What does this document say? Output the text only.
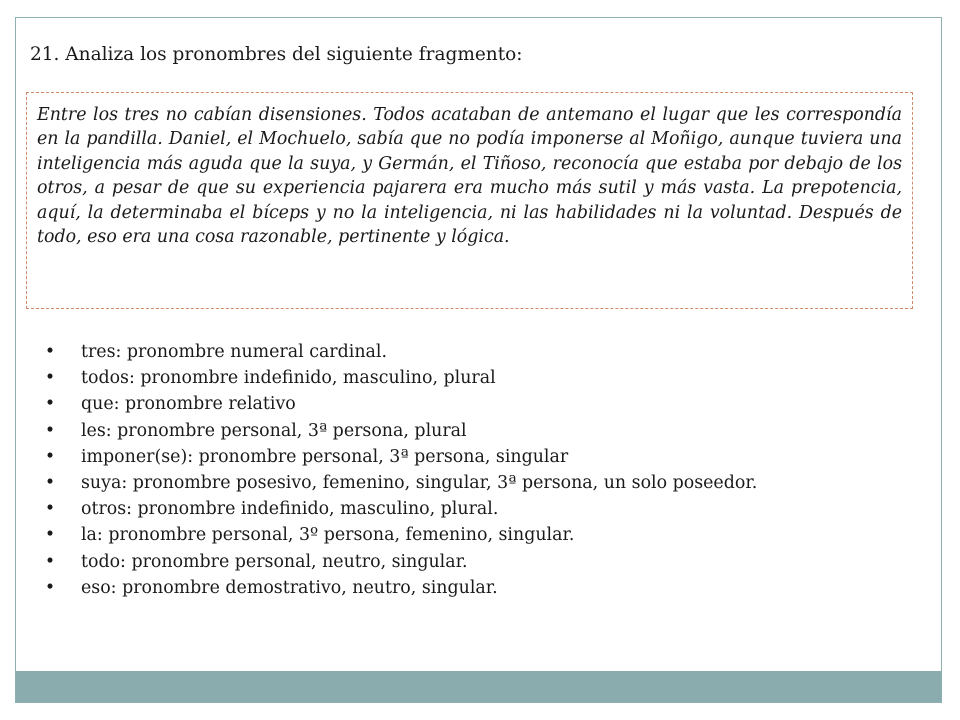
21. Analiza los pronombres del siguiente fragmento:

Entre los tres no cabían disensiones. Todos acataban de antemano el lugar que les correspondía en la pandilla. Daniel, el Mochuelo, sabía que no podía imponerse al Moñigo, aunque tuviera una inteligencia más aguda que la suya, y Germán, el Tiñoso, reconocía que estaba por debajo de los otros, a pesar de que su experiencia pajarera era mucho más sutil y más vasta. La prepotencia, aquí, la determinaba el bíceps y no la inteligencia, ni las habilidades ni la voluntad. Después de todo, eso era una cosa razonable, pertinente y lógica.

• tres: pronombre numeral cardinal.
• todos: pronombre indefinido, masculino, plural
• que: pronombre relativo
• les: pronombre personal, 3ª persona, plural
• imponer(se): pronombre personal, 3ª persona, singular
• suya: pronombre posesivo, femenino, singular, 3ª persona, un solo poseedor.
• otros: pronombre indefinido, masculino, plural.
• la: pronombre personal, 3º persona, femenino, singular.
• todo: pronombre personal, neutro, singular.
• eso: pronombre demostrativo, neutro, singular.
